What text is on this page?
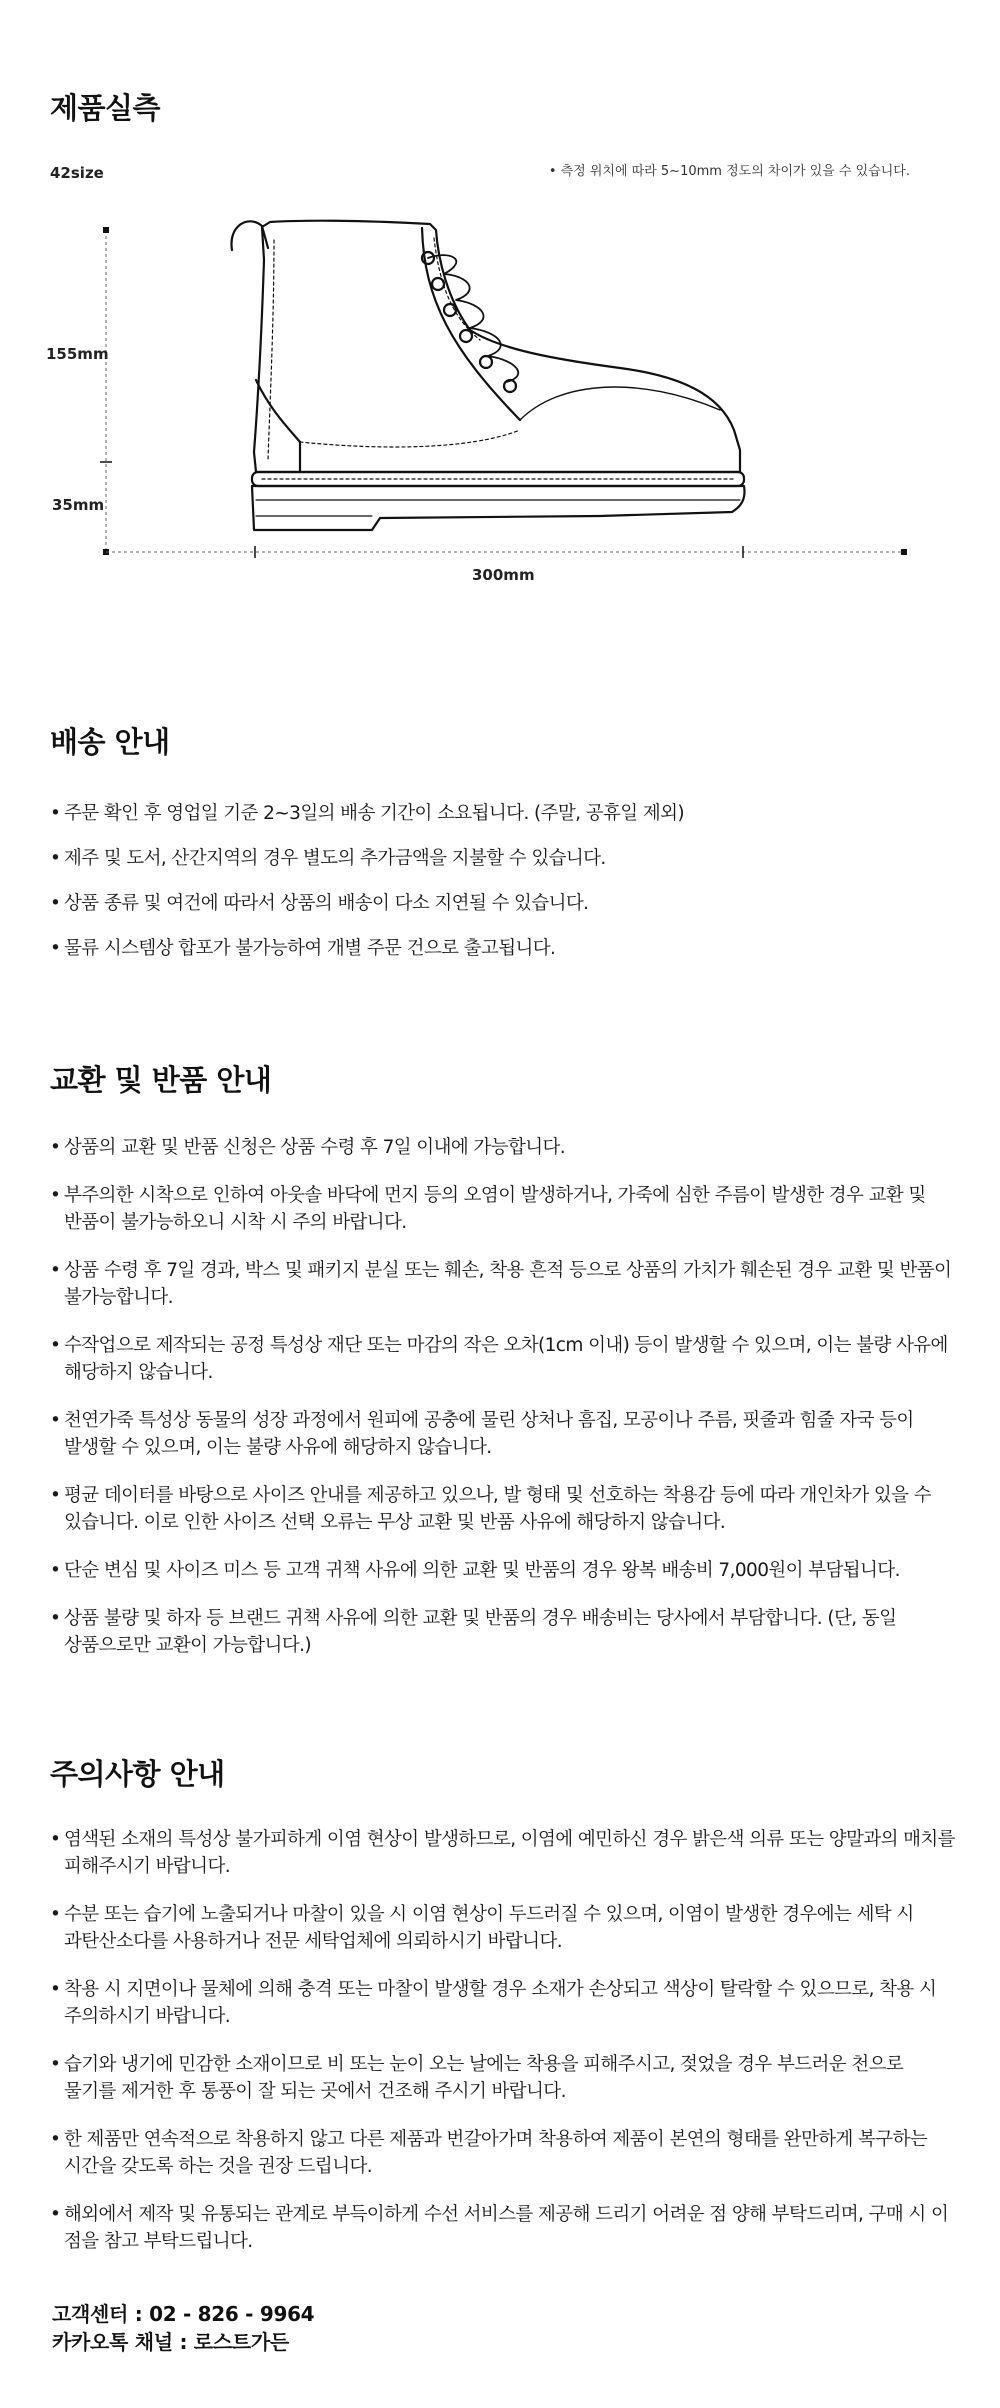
제품실측
42size	• 측정 위치에 따라 5~10mm 정도의 차이가 있을 수 있습니다.
155mm
35mm
300mm
배송 안내
• 주문 확인 후 영업일 기준 2~3일의 배송 기간이 소요됩니다. (주말, 공휴일 제외)
• 제주 및 도서, 산간지역의 경우 별도의 추가금액을 지불할 수 있습니다.
• 상품 종류 및 여건에 따라서 상품의 배송이 다소 지연될 수 있습니다.
• 물류 시스템상 합포가 불가능하여 개별 주문 건으로 출고됩니다.
교환 및 반품 안내
• 상품의 교환 및 반품 신청은 상품 수령 후 7일 이내에 가능합니다.
• 부주의한 시착으로 인하여 아웃솔 바닥에 먼지 등의 오염이 발생하거나, 가죽에 심한 주름이 발생한 경우 교환 및 반품이 불가능하오니 시착 시 주의 바랍니다.
• 상품 수령 후 7일 경과, 박스 및 패키지 분실 또는 훼손, 착용 흔적 등으로 상품의 가치가 훼손된 경우 교환 및 반품이 불가능합니다.
• 수작업으로 제작되는 공정 특성상 재단 또는 마감의 작은 오차(1cm 이내) 등이 발생할 수 있으며, 이는 불량 사유에 해당하지 않습니다.
• 천연가죽 특성상 동물의 성장 과정에서 원피에 공충에 물린 상처나 흠집, 모공이나 주름, 핏줄과 힘줄 자국 등이 발생할 수 있으며, 이는 불량 사유에 해당하지 않습니다.
• 평균 데이터를 바탕으로 사이즈 안내를 제공하고 있으나, 발 형태 및 선호하는 착용감 등에 따라 개인차가 있을 수 있습니다. 이로 인한 사이즈 선택 오류는 무상 교환 및 반품 사유에 해당하지 않습니다.
• 단순 변심 및 사이즈 미스 등 고객 귀책 사유에 의한 교환 및 반품의 경우 왕복 배송비 7,000원이 부담됩니다.
• 상품 불량 및 하자 등 브랜드 귀책 사유에 의한 교환 및 반품의 경우 배송비는 당사에서 부담합니다. (단, 동일 상품으로만 교환이 가능합니다.)
주의사항 안내
• 염색된 소재의 특성상 불가피하게 이염 현상이 발생하므로, 이염에 예민하신 경우 밝은색 의류 또는 양말과의 매치를 피해주시기 바랍니다.
• 수분 또는 습기에 노출되거나 마찰이 있을 시 이염 현상이 두드러질 수 있으며, 이염이 발생한 경우에는 세탁 시 과탄산소다를 사용하거나 전문 세탁업체에 의뢰하시기 바랍니다.
• 착용 시 지면이나 물체에 의해 충격 또는 마찰이 발생할 경우 소재가 손상되고 색상이 탈락할 수 있으므로, 착용 시 주의하시기 바랍니다.
• 습기와 냉기에 민감한 소재이므로 비 또는 눈이 오는 날에는 착용을 피해주시고, 젖었을 경우 부드러운 천으로 물기를 제거한 후 통풍이 잘 되는 곳에서 건조해 주시기 바랍니다.
• 한 제품만 연속적으로 착용하지 않고 다른 제품과 번갈아가며 착용하여 제품이 본연의 형태를 완만하게 복구하는 시간을 갖도록 하는 것을 권장 드립니다.
• 해외에서 제작 및 유통되는 관계로 부득이하게 수선 서비스를 제공해 드리기 어려운 점 양해 부탁드리며, 구매 시 이 점을 참고 부탁드립니다.
고객센터 : 02 - 826 - 9964
카카오톡 채널 : 로스트가든
